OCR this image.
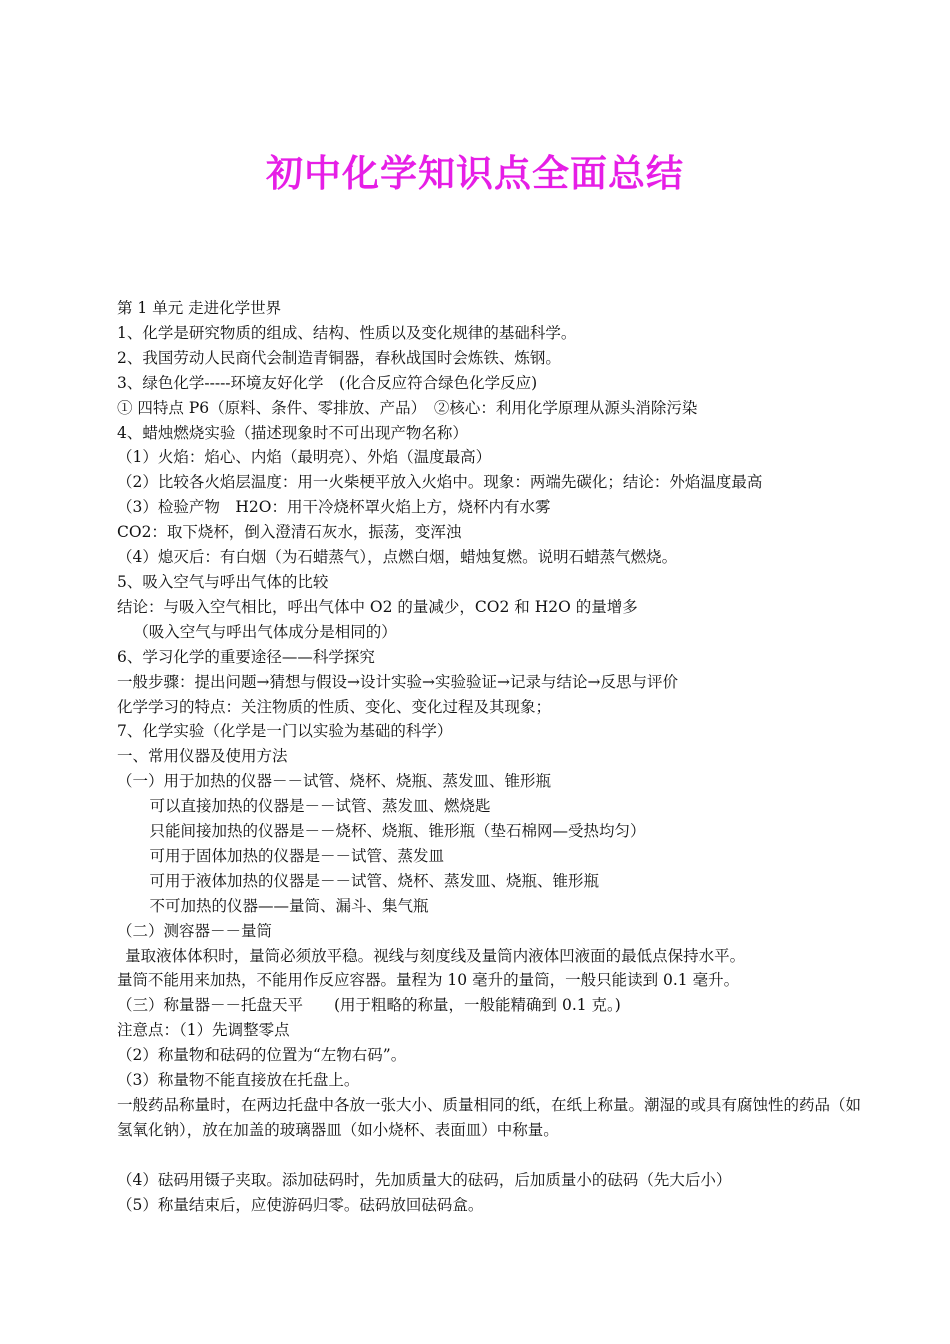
初中化学知识点全面总结

第 1 单元 走进化学世界

1、化学是研究物质的组成、结构、性质以及变化规律的基础科学。

2、我国劳动人民商代会制造青铜器，春秋战国时会炼铁、炼钢。

3、绿色化学-----环境友好化学　(化合反应符合绿色化学反应)

① 四特点 P6（原料、条件、零排放、产品）　②核心：利用化学原理从源头消除污染

4、蜡烛燃烧实验（描述现象时不可出现产物名称）

（1）火焰：焰心、内焰（最明亮）、外焰（温度最高）

（2）比较各火焰层温度：用一火柴梗平放入火焰中。现象：两端先碳化；结论：外焰温度最高

（3）检验产物　H2O：用干冷烧杯罩火焰上方，烧杯内有水雾

CO2：取下烧杯，倒入澄清石灰水，振荡，变浑浊

（4）熄灭后：有白烟（为石蜡蒸气），点燃白烟，蜡烛复燃。说明石蜡蒸气燃烧。

5、吸入空气与呼出气体的比较

结论：与吸入空气相比，呼出气体中 O2 的量减少，CO2 和 H2O 的量增多

（吸入空气与呼出气体成分是相同的）

6、学习化学的重要途径——科学探究

一般步骤：提出问题→猜想与假设→设计实验→实验验证→记录与结论→反思与评价

化学学习的特点：关注物质的性质、变化、变化过程及其现象；

7、化学实验（化学是一门以实验为基础的科学）

一、常用仪器及使用方法

（一）用于加热的仪器－－试管、烧杯、烧瓶、蒸发皿、锥形瓶

可以直接加热的仪器是－－试管、蒸发皿、燃烧匙

只能间接加热的仪器是－－烧杯、烧瓶、锥形瓶（垫石棉网—受热均匀）

可用于固体加热的仪器是－－试管、蒸发皿

可用于液体加热的仪器是－－试管、烧杯、蒸发皿、烧瓶、锥形瓶

不可加热的仪器——量筒、漏斗、集气瓶

（二）测容器－－量筒

量取液体体积时，量筒必须放平稳。视线与刻度线及量筒内液体凹液面的最低点保持水平。

量筒不能用来加热，不能用作反应容器。量程为 10 毫升的量筒，一般只能读到 0.1 毫升。

（三）称量器－－托盘天平　　(用于粗略的称量，一般能精确到 0.1 克。)

注意点：（1）先调整零点

（2）称量物和砝码的位置为“左物右码”。

（3）称量物不能直接放在托盘上。

一般药品称量时，在两边托盘中各放一张大小、质量相同的纸，在纸上称量。潮湿的或具有腐蚀性的药品（如氢氧化钠），放在加盖的玻璃器皿（如小烧杯、表面皿）中称量。

（4）砝码用镊子夹取。添加砝码时，先加质量大的砝码，后加质量小的砝码（先大后小）

（5）称量结束后，应使游码归零。砝码放回砝码盒。
